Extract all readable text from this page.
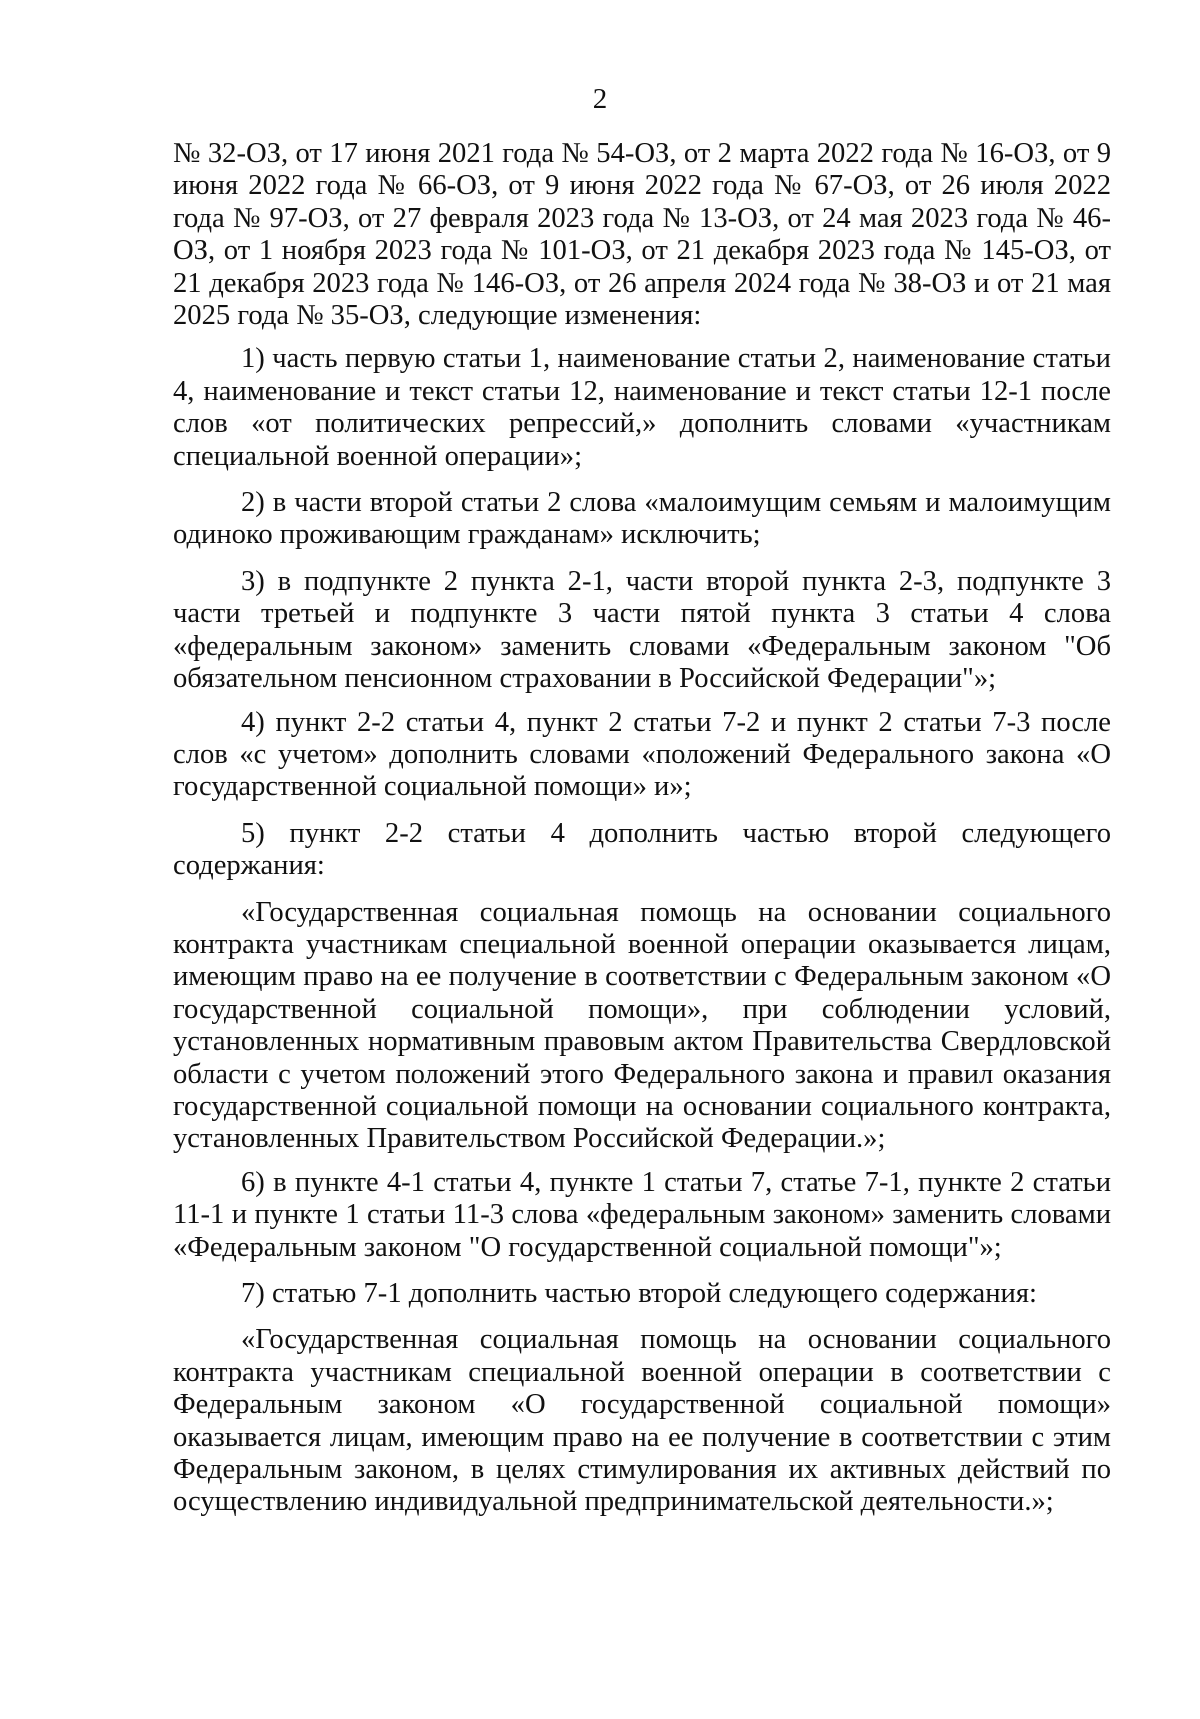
2

№ 32-ОЗ, от 17 июня 2021 года № 54-ОЗ, от 2 марта 2022 года № 16-ОЗ, от 9 июня 2022 года № 66-ОЗ, от 9 июня 2022 года № 67-ОЗ, от 26 июля 2022 года № 97-ОЗ, от 27 февраля 2023 года № 13-ОЗ, от 24 мая 2023 года № 46-ОЗ, от 1 ноября 2023 года № 101-ОЗ, от 21 декабря 2023 года № 145-ОЗ, от 21 декабря 2023 года № 146-ОЗ, от 26 апреля 2024 года № 38-ОЗ и от 21 мая 2025 года № 35-ОЗ, следующие изменения:

1) часть первую статьи 1, наименование статьи 2, наименование статьи 4, наименование и текст статьи 12, наименование и текст статьи 12-1 после слов «от политических репрессий,» дополнить словами «участникам специальной военной операции»;

2) в части второй статьи 2 слова «малоимущим семьям и малоимущим одиноко проживающим гражданам» исключить;

3) в подпункте 2 пункта 2-1, части второй пункта 2-3, подпункте 3 части третьей и подпункте 3 части пятой пункта 3 статьи 4 слова «федеральным законом» заменить словами «Федеральным законом "Об обязательном пенсионном страховании в Российской Федерации"»;

4) пункт 2-2 статьи 4, пункт 2 статьи 7-2 и пункт 2 статьи 7-3 после слов «с учетом» дополнить словами «положений Федерального закона «О государственной социальной помощи» и»;

5) пункт 2-2 статьи 4 дополнить частью второй следующего содержания:

«Государственная социальная помощь на основании социального контракта участникам специальной военной операции оказывается лицам, имеющим право на ее получение в соответствии с Федеральным законом «О государственной социальной помощи», при соблюдении условий, установленных нормативным правовым актом Правительства Свердловской области с учетом положений этого Федерального закона и правил оказания государственной социальной помощи на основании социального контракта, установленных Правительством Российской Федерации.»;

6) в пункте 4-1 статьи 4, пункте 1 статьи 7, статье 7-1, пункте 2 статьи 11-1 и пункте 1 статьи 11-3 слова «федеральным законом» заменить словами «Федеральным законом "О государственной социальной помощи"»;

7) статью 7-1 дополнить частью второй следующего содержания:

«Государственная социальная помощь на основании социального контракта участникам специальной военной операции в соответствии с Федеральным законом «О государственной социальной помощи» оказывается лицам, имеющим право на ее получение в соответствии с этим Федеральным законом, в целях стимулирования их активных действий по осуществлению индивидуальной предпринимательской деятельности.»;
